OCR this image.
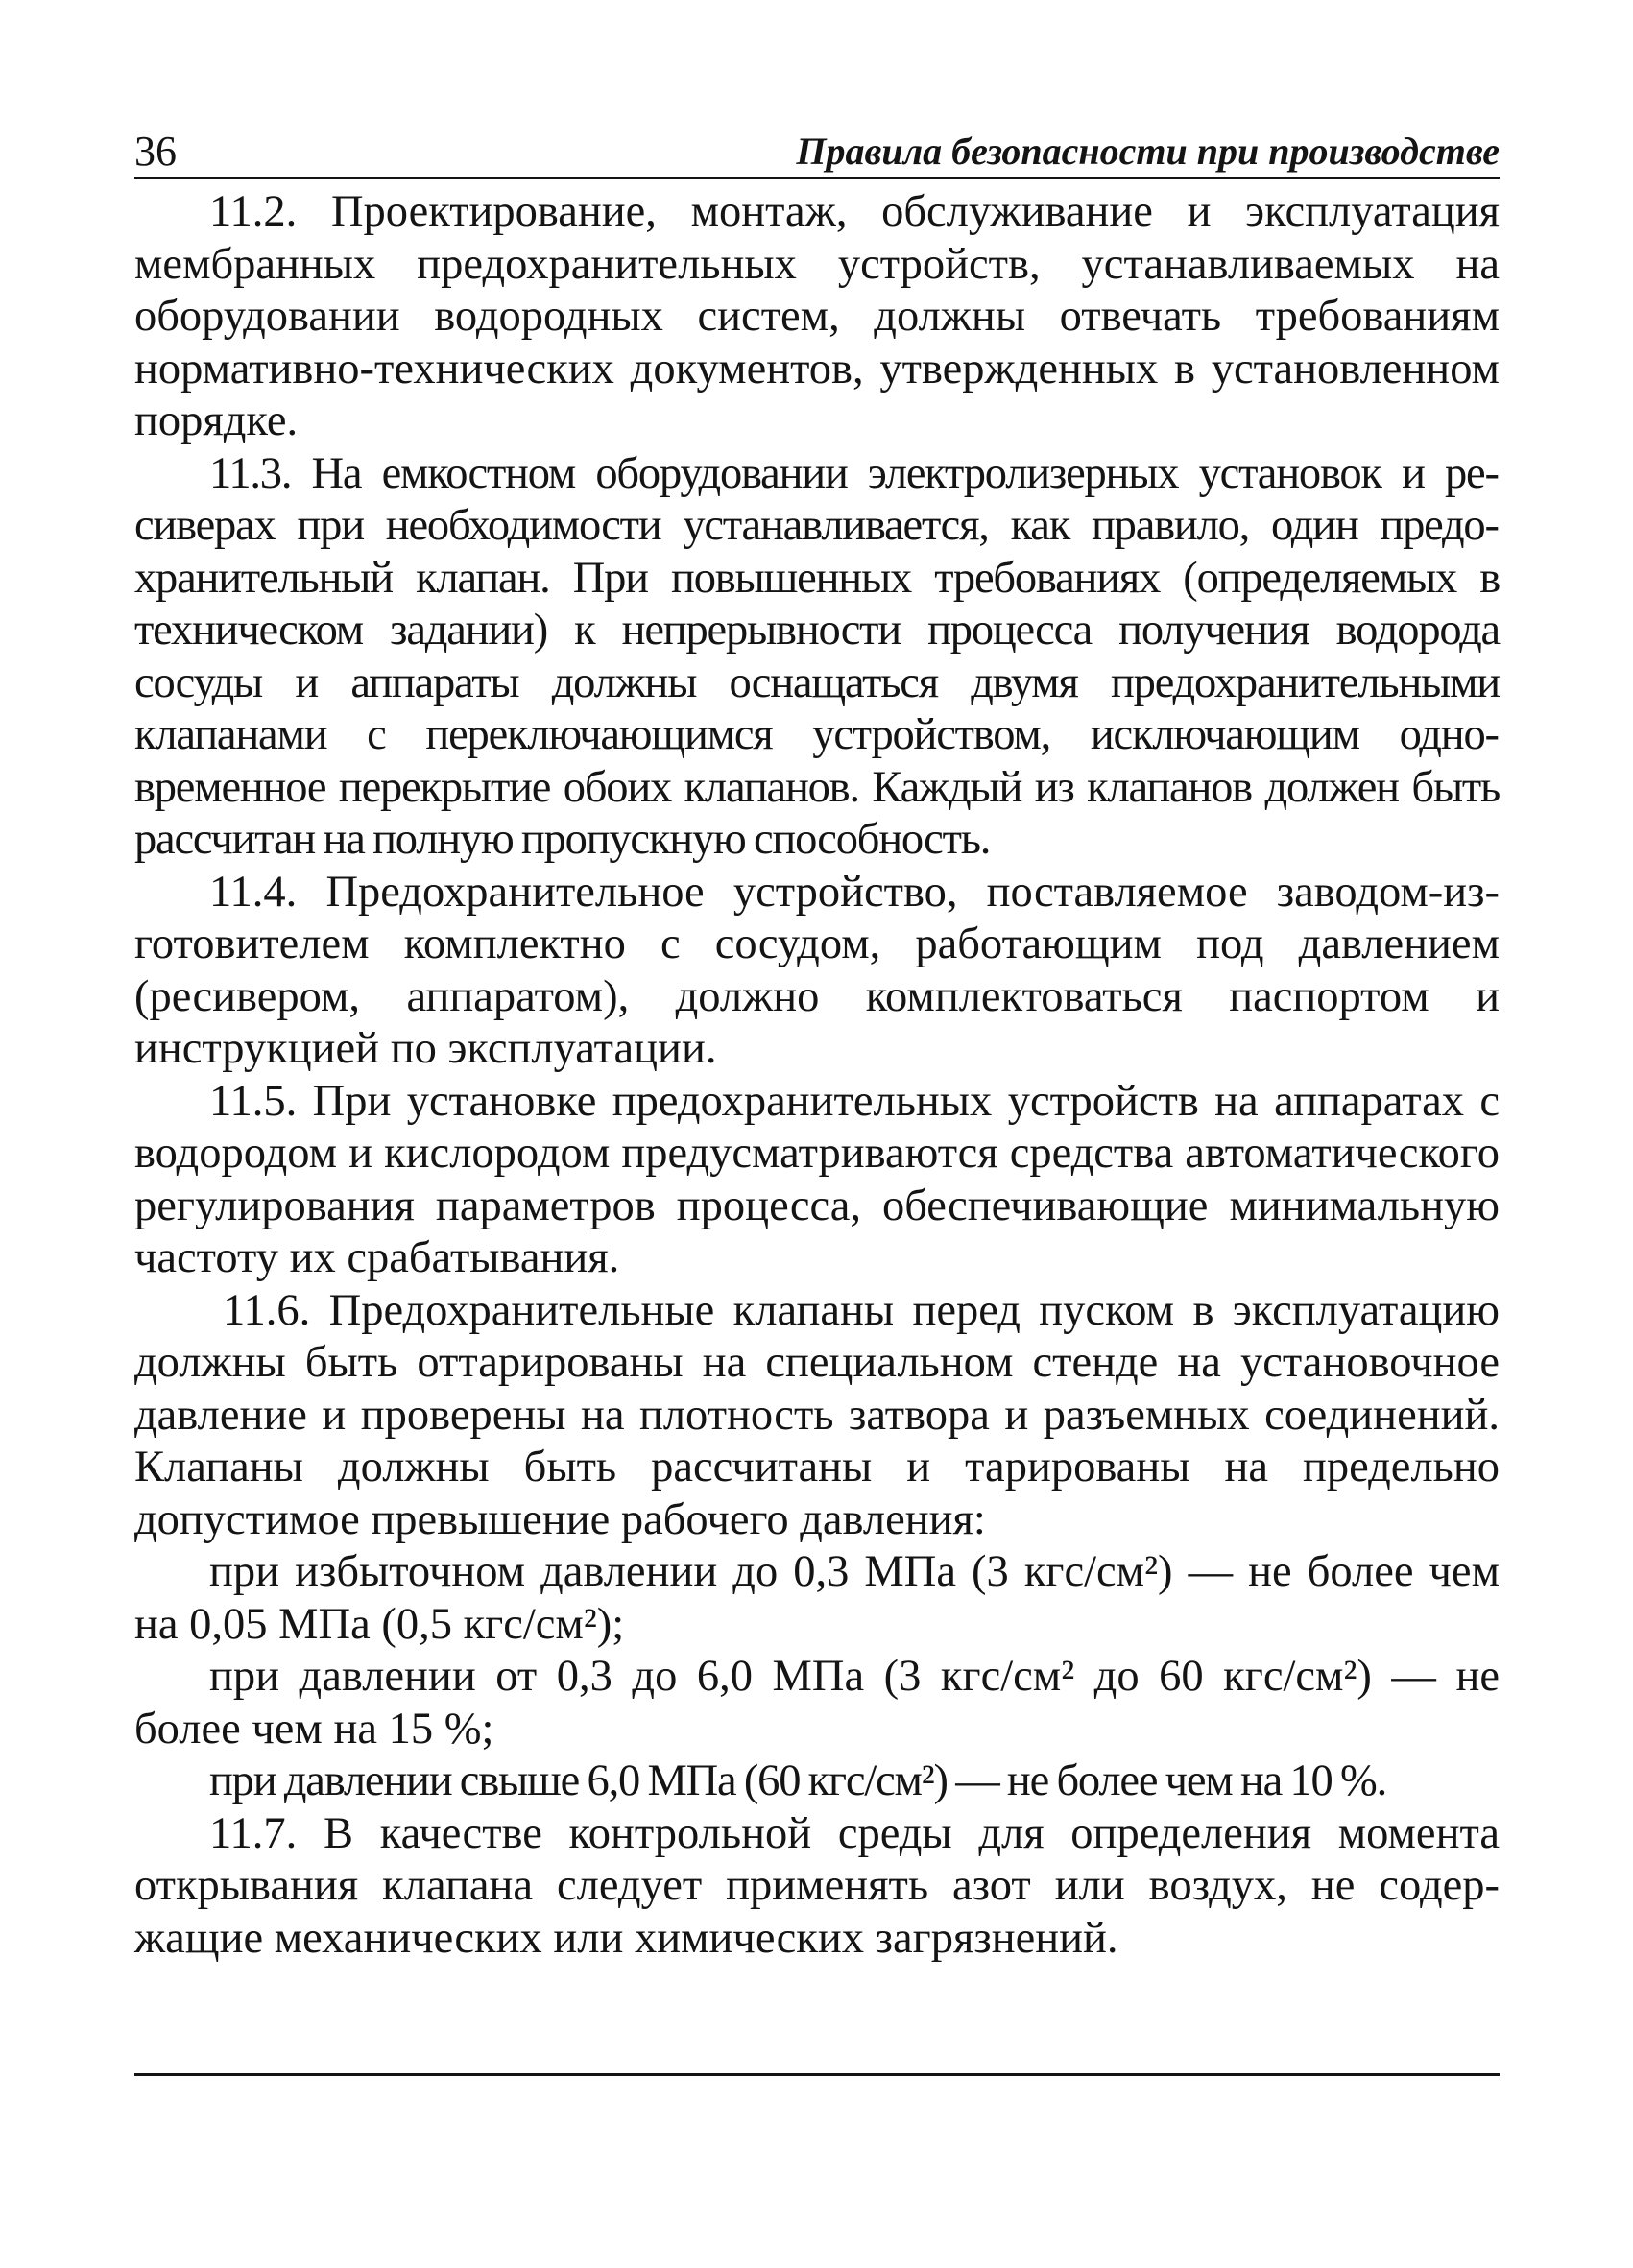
36	Правила безопасности при производстве

11.2. Проектирование, монтаж, обслуживание и эксплуатация мембранных предохранительных устройств, устанавливаемых на оборудовании водородных систем, должны отвечать требованиям нормативно-технических документов, утвержденных в установленном порядке.

11.3. На емкостном оборудовании электролизерных установок и ресиверах при необходимости устанавливается, как правило, один предохранительный клапан. При повышенных требованиях (определяемых в техническом задании) к непрерывности процесса получения водорода сосуды и аппараты должны оснащаться двумя предохранительными клапанами с переключающимся устройством, исключающим одновременное перекрытие обоих клапанов. Каждый из клапанов должен быть рассчитан на полную пропускную способность.

11.4. Предохранительное устройство, поставляемое заводом-изготовителем комплектно с сосудом, работающим под давлением (ресивером, аппаратом), должно комплектоваться паспортом и инструкцией по эксплуатации.

11.5. При установке предохранительных устройств на аппаратах с водородом и кислородом предусматриваются средства автоматического регулирования параметров процесса, обеспечивающие минимальную частоту их срабатывания.

11.6. Предохранительные клапаны перед пуском в эксплуатацию должны быть оттарированы на специальном стенде на установочное давление и проверены на плотность затвора и разъемных соединений. Клапаны должны быть рассчитаны и тарированы на предельно допустимое превышение рабочего давления:

при избыточном давлении до 0,3 МПа (3 кгс/см²) — не более чем на 0,05 МПа (0,5 кгс/см²);

при давлении от 0,3 до 6,0 МПа (3 кгс/см² до 60 кгс/см²) — не более чем на 15 %;

при давлении свыше 6,0 МПа (60 кгс/см²) — не более чем на 10 %.

11.7. В качестве контрольной среды для определения момента открывания клапана следует применять азот или воздух, не содержащие механических или химических загрязнений.
